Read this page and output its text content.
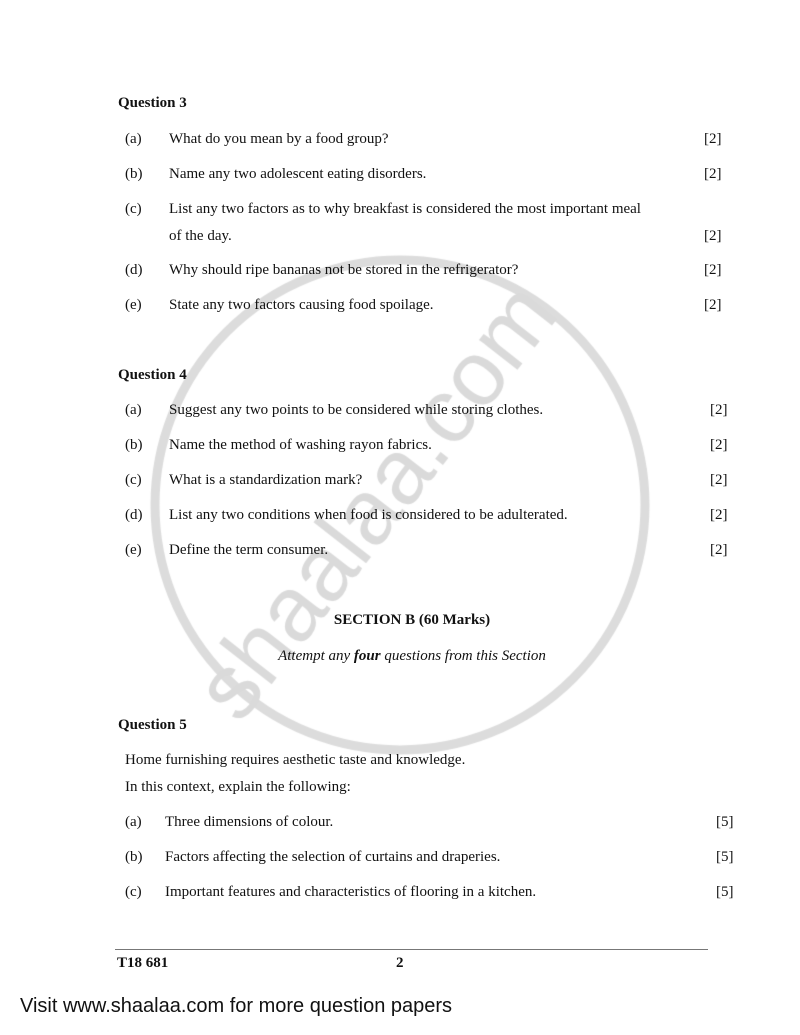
Question 3
(a) What do you mean by a food group?	[2]
(b) Name any two adolescent eating disorders.	[2]
(c) List any two factors as to why breakfast is considered the most important meal
of the day.	[2]
(d) Why should ripe bananas not be stored in the refrigerator?	[2]
(e) State any two factors causing food spoilage.	[2]
Question 4
(a) Suggest any two points to be considered while storing clothes.	[2]
(b) Name the method of washing rayon fabrics.	[2]
(c) What is a standardization mark?	[2]
(d) List any two conditions when food is considered to be adulterated.	[2]
(e) Define the term consumer.	[2]
SECTION B (60 Marks)
Attempt any four questions from this Section
Question 5
Home furnishing requires aesthetic taste and knowledge.
In this context, explain the following:
(a) Three dimensions of colour.	[5]
(b) Factors affecting the selection of curtains and draperies.	[5]
(c) Important features and characteristics of flooring in a kitchen.	[5]
T18 681	2
Visit www.shaalaa.com for more question papers
